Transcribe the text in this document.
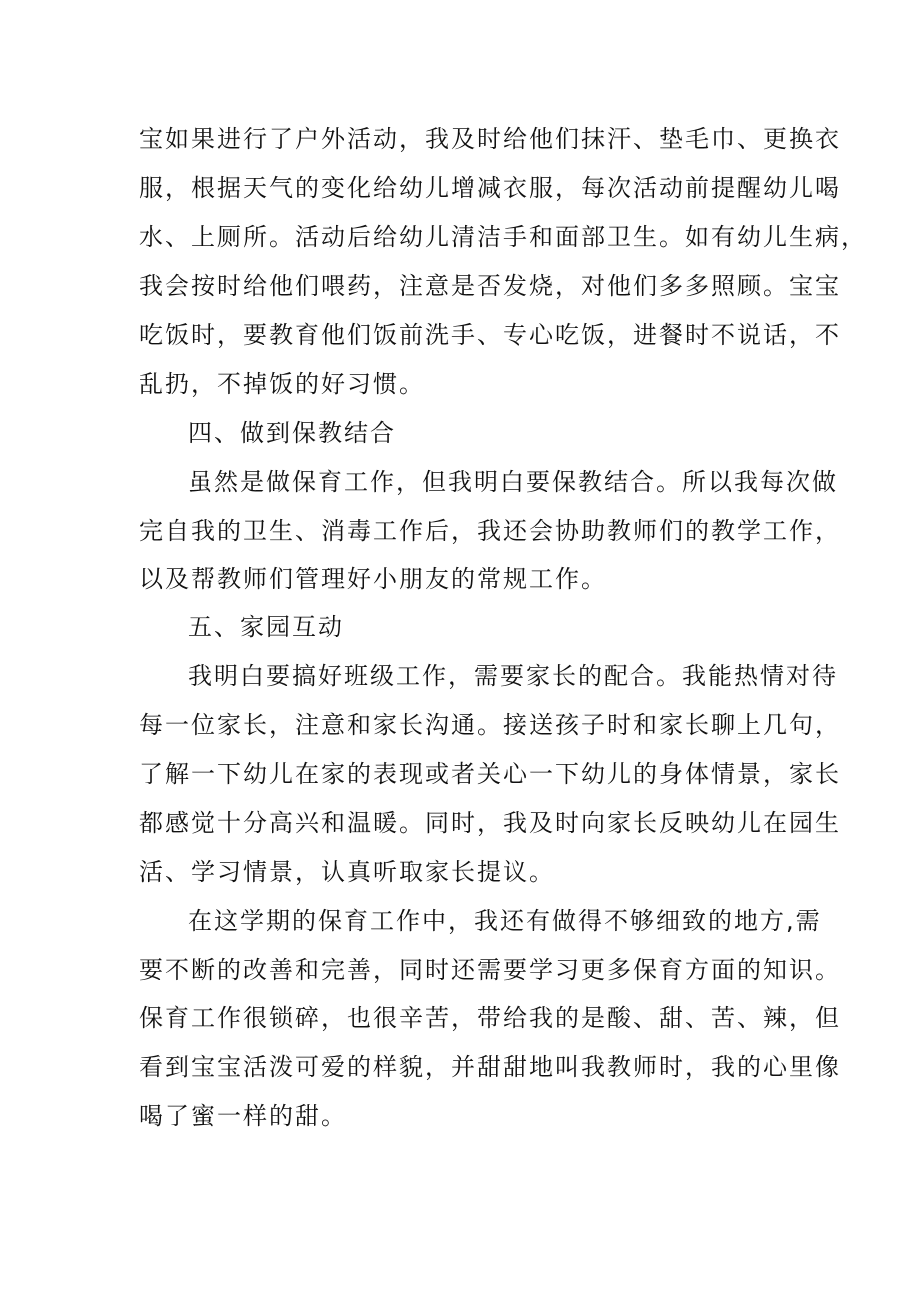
宝如果进行了户外活动，我及时给他们抹汗、垫毛巾、更换衣

服，根据天气的变化给幼儿增减衣服，每次活动前提醒幼儿喝

水、上厕所。活动后给幼儿清洁手和面部卫生。如有幼儿生病，

我会按时给他们喂药，注意是否发烧，对他们多多照顾。宝宝

吃饭时，要教育他们饭前洗手、专心吃饭，进餐时不说话，不

乱扔，不掉饭的好习惯。

四、做到保教结合

虽然是做保育工作，但我明白要保教结合。所以我每次做

完自我的卫生、消毒工作后，我还会协助教师们的教学工作，

以及帮教师们管理好小朋友的常规工作。

五、家园互动

我明白要搞好班级工作，需要家长的配合。我能热情对待

每一位家长，注意和家长沟通。接送孩子时和家长聊上几句，

了解一下幼儿在家的表现或者关心一下幼儿的身体情景，家长

都感觉十分高兴和温暖。同时，我及时向家长反映幼儿在园生

活、学习情景，认真听取家长提议。

在这学期的保育工作中，我还有做得不够细致的地方,需

要不断的改善和完善，同时还需要学习更多保育方面的知识。

保育工作很锁碎，也很辛苦，带给我的是酸、甜、苦、辣，但

看到宝宝活泼可爱的样貌，并甜甜地叫我教师时，我的心里像

喝了蜜一样的甜。
